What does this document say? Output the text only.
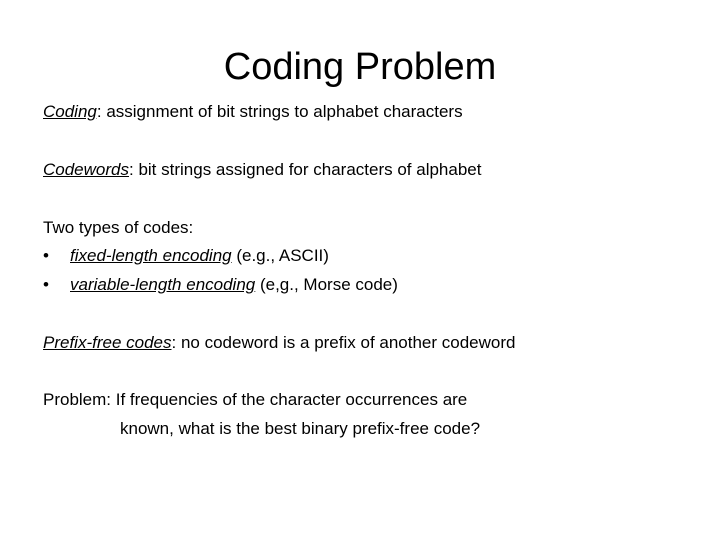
Coding Problem
Coding: assignment of bit strings to alphabet characters
Codewords: bit strings assigned for characters of alphabet
Two types of codes:
• fixed-length encoding (e.g., ASCII)
• variable-length encoding (e,g., Morse code)
Prefix-free codes: no codeword is a prefix of another codeword
Problem: If frequencies of the character occurrences are
known, what is the best binary prefix-free code?
